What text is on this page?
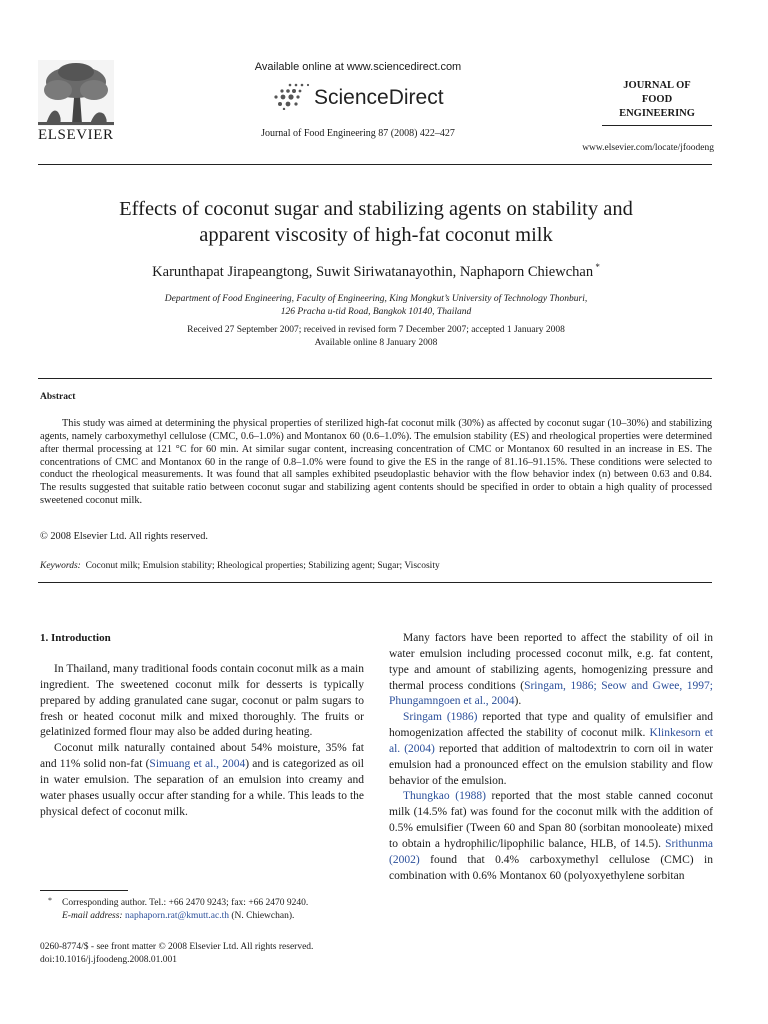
ELSEVIER
Available online at www.sciencedirect.com
ScienceDirect
Journal of Food Engineering 87 (2008) 422–427
JOURNAL OF
FOOD
ENGINEERING
www.elsevier.com/locate/jfoodeng
Effects of coconut sugar and stabilizing agents on stability and
apparent viscosity of high-fat coconut milk
Karunthapat Jirapeangtong, Suwit Siriwatanayothin, Naphaporn Chiewchan *
Department of Food Engineering, Faculty of Engineering, King Mongkut’s University of Technology Thonburi,
126 Pracha u-tid Road, Bangkok 10140, Thailand
Received 27 September 2007; received in revised form 7 December 2007; accepted 1 January 2008
Available online 8 January 2008
Abstract

This study was aimed at determining the physical properties of sterilized high-fat coconut milk (30%) as affected by coconut sugar (10–30%) and stabilizing agents, namely carboxymethyl cellulose (CMC, 0.6–1.0%) and Montanox 60 (0.6–1.0%). The emulsion stability (ES) and rheological properties were determined after thermal processing at 121 °C for 60 min. At similar sugar content, increasing concentration of CMC or Montanox 60 resulted in an increase in ES. The concentrations of CMC and Montanox 60 in the range of 0.8–1.0% were found to give the ES in the range of 81.16–91.15%. These conditions were selected to conduct the rheological measurements. It was found that all samples exhibited pseudoplastic behavior with the flow behavior index (n) between 0.63 and 0.84. The results suggested that suitable ratio between coconut sugar and stabilizing agent contents should be specified in order to obtain a high quality of processed sweetened coconut milk.

© 2008 Elsevier Ltd. All rights reserved.
Keywords: Coconut milk; Emulsion stability; Rheological properties; Stabilizing agent; Sugar; Viscosity
1. Introduction

In Thailand, many traditional foods contain coconut milk as a main ingredient. The sweetened coconut milk for desserts is typically prepared by adding granulated cane sugar, coconut or palm sugars to fresh or heated coconut milk and mixed thoroughly. The fruits or gelatinized formed flour may also be added during heating.

Coconut milk naturally contained about 54% moisture, 35% fat and 11% solid non-fat (Simuang et al., 2004) and is categorized as oil in water emulsion. The separation of an emulsion into creamy and water phases usually occur after standing for a while. This leads to the physical defect of coconut milk.

Many factors have been reported to affect the stability of oil in water emulsion including processed coconut milk, e.g. fat content, type and amount of stabilizing agents, homogenizing pressure and thermal process conditions (Sringam, 1986; Seow and Gwee, 1997; Phungamngoen et al., 2004).

Sringam (1986) reported that type and quality of emulsifier and homogenization affected the stability of coconut milk. Klinkesorn et al. (2004) reported that addition of maltodextrin to corn oil in water emulsion had a pronounced effect on the emulsion stability and flow behavior of the emulsion.

Thungkao (1988) reported that the most stable canned coconut milk (14.5% fat) was found for the coconut milk with the addition of 0.5% emulsifier (Tween 60 and Span 80 (sorbitan monooleate) mixed to obtain a hydrophilic/lipophilic balance, HLB, of 14.5). Srithunma (2002) found that 0.4% carboxymethyl cellulose (CMC) in combination with 0.6% Montanox 60 (polyoxyethylene sorbitan

* Corresponding author. Tel.: +66 2470 9243; fax: +66 2470 9240.
E-mail address: naphaporn.rat@kmutt.ac.th (N. Chiewchan).
0260-8774/$ - see front matter © 2008 Elsevier Ltd. All rights reserved.
doi:10.1016/j.jfoodeng.2008.01.001
